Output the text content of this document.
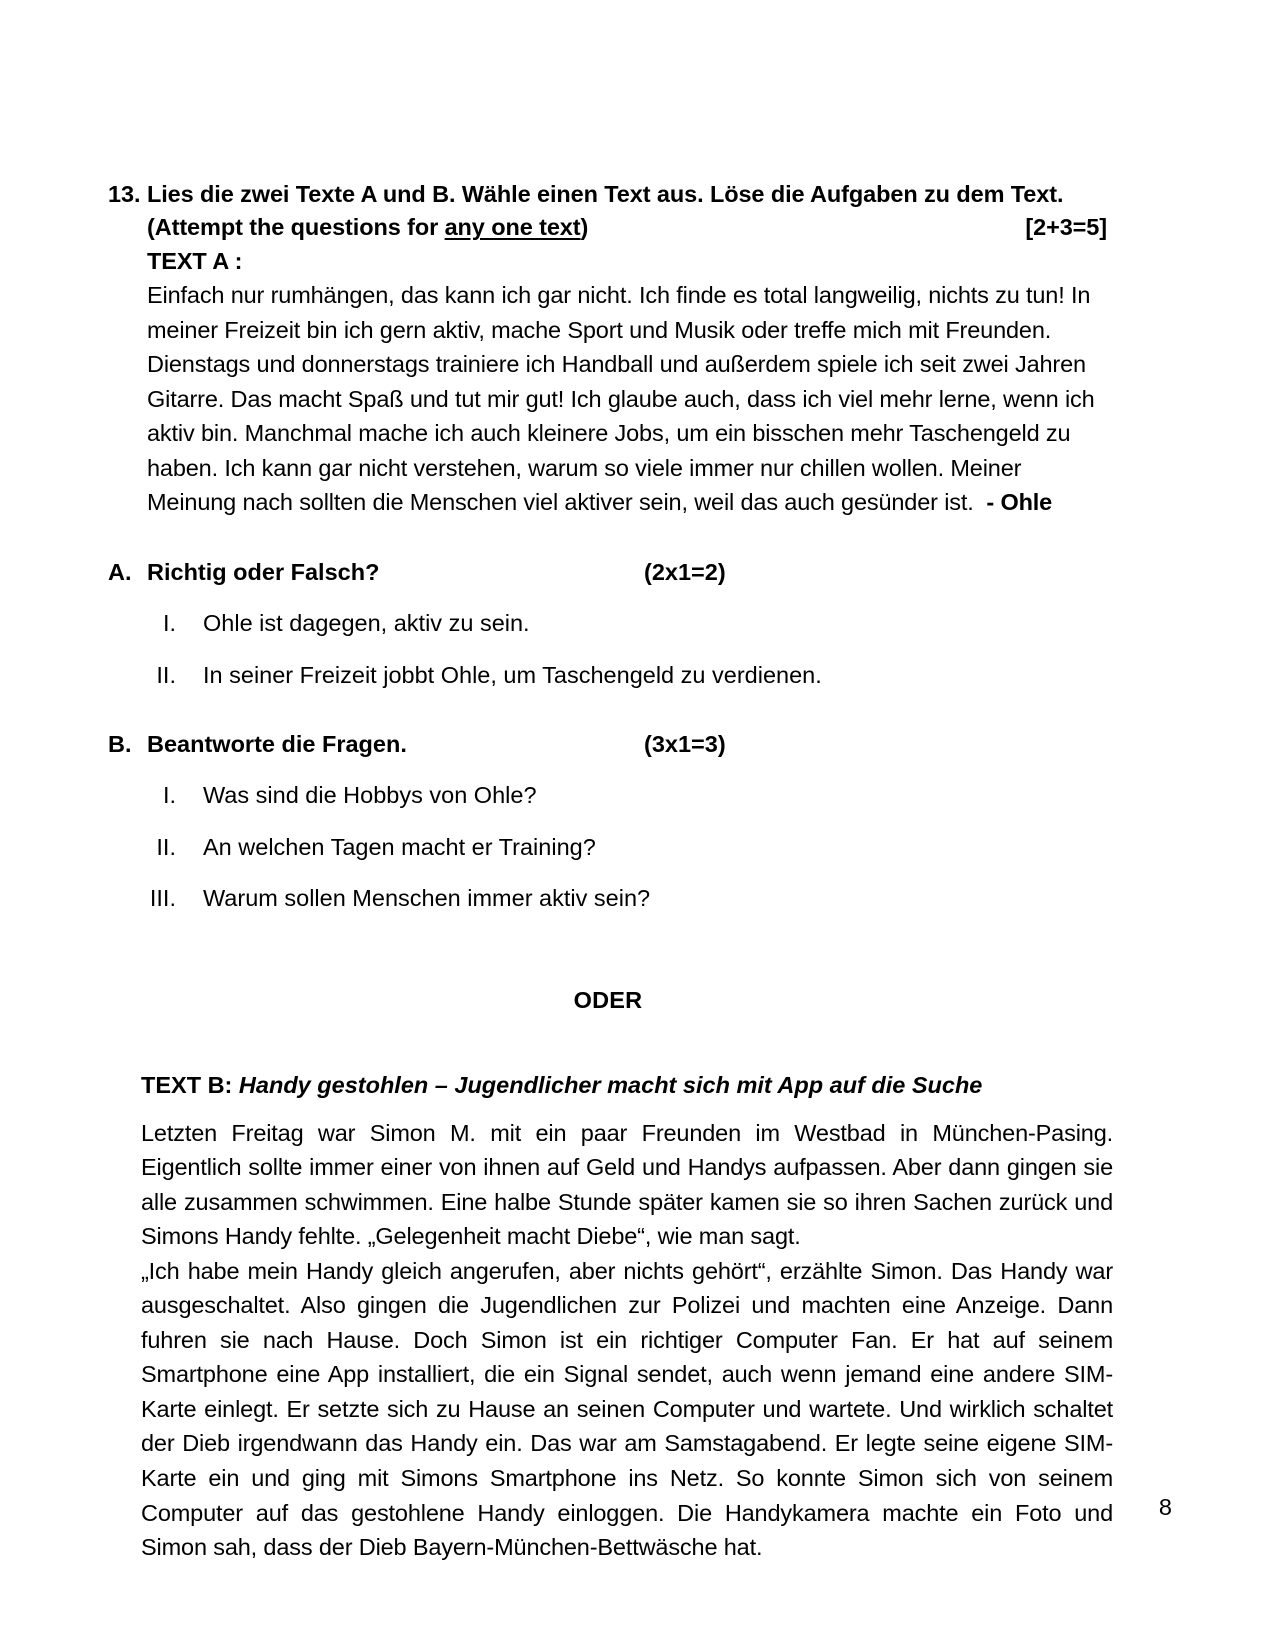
13. Lies die zwei Texte A und B. Wähle einen Text aus. Löse die Aufgaben zu dem Text.
(Attempt the questions for any one text)	[2+3=5]
TEXT A :

Einfach nur rumhängen, das kann ich gar nicht. Ich finde es total langweilig, nichts zu tun! In meiner Freizeit bin ich gern aktiv, mache Sport und Musik oder treffe mich mit Freunden. Dienstags und donnerstags trainiere ich Handball und außerdem spiele ich seit zwei Jahren Gitarre. Das macht Spaß und tut mir gut! Ich glaube auch, dass ich viel mehr lerne, wenn ich aktiv bin. Manchmal mache ich auch kleinere Jobs, um ein bisschen mehr Taschengeld zu haben. Ich kann gar nicht verstehen, warum so viele immer nur chillen wollen. Meiner Meinung nach sollten die Menschen viel aktiver sein, weil das auch gesünder ist. - Ohle

A. Richtig oder Falsch?	(2x1=2)
I.	Ohle ist dagegen, aktiv zu sein.
II.	In seiner Freizeit jobbt Ohle, um Taschengeld zu verdienen.
B. Beantworte die Fragen.	(3x1=3)
I.	Was sind die Hobbys von Ohle?
II.	An welchen Tagen macht er Training?
III.	Warum sollen Menschen immer aktiv sein?
ODER
TEXT B: Handy gestohlen – Jugendlicher macht sich mit App auf die Suche

Letzten Freitag war Simon M. mit ein paar Freunden im Westbad in München-Pasing. Eigentlich sollte immer einer von ihnen auf Geld und Handys aufpassen. Aber dann gingen sie alle zusammen schwimmen. Eine halbe Stunde später kamen sie so ihren Sachen zurück und Simons Handy fehlte. „Gelegenheit macht Diebe“, wie man sagt.

„Ich habe mein Handy gleich angerufen, aber nichts gehört“, erzählte Simon. Das Handy war ausgeschaltet. Also gingen die Jugendlichen zur Polizei und machten eine Anzeige. Dann fuhren sie nach Hause. Doch Simon ist ein richtiger Computer Fan. Er hat auf seinem Smartphone eine App installiert, die ein Signal sendet, auch wenn jemand eine andere SIM-Karte einlegt. Er setzte sich zu Hause an seinen Computer und wartete. Und wirklich schaltet der Dieb irgendwann das Handy ein. Das war am Samstagabend. Er legte seine eigene SIM-Karte ein und ging mit Simons Smartphone ins Netz. So konnte Simon sich von seinem Computer auf das gestohlene Handy einloggen. Die Handykamera machte ein Foto und Simon sah, dass der Dieb Bayern-München-Bettwäsche hat.

8
